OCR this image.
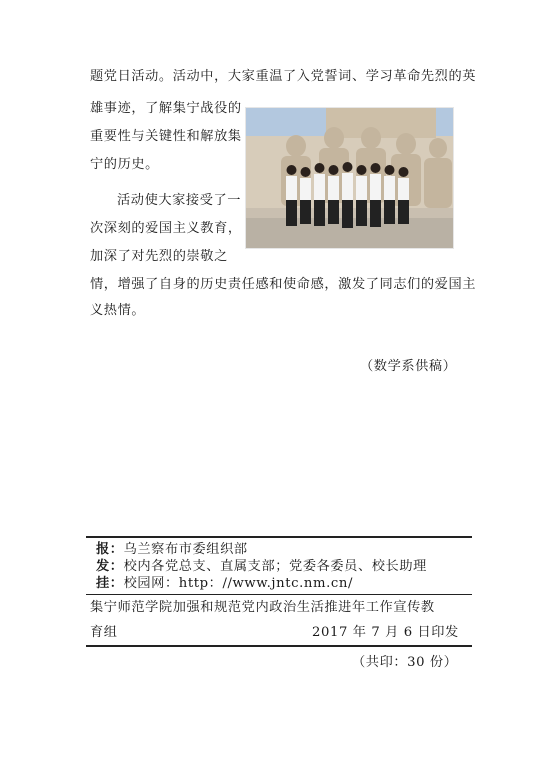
题党日活动。活动中，大家重温了入党誓词、学习革命先烈的英
雄事迹，了解集宁战役的
重要性与关键性和解放集
宁的历史。
活动使大家接受了一
次深刻的爱国主义教育，
加深了对先烈的崇敬之
情，增强了自身的历史责任感和使命感，激发了同志们的爱国主
义热情。
（数学系供稿）
报：乌兰察布市委组织部
发：校内各党总支、直属支部；党委各委员、校长助理
挂：校园网：http：//www.jntc.nm.cn/
集宁师范学院加强和规范党内政治生活推进年工作宣传教
育组	2017 年 7 月 6 日印发
（共印：30 份）
